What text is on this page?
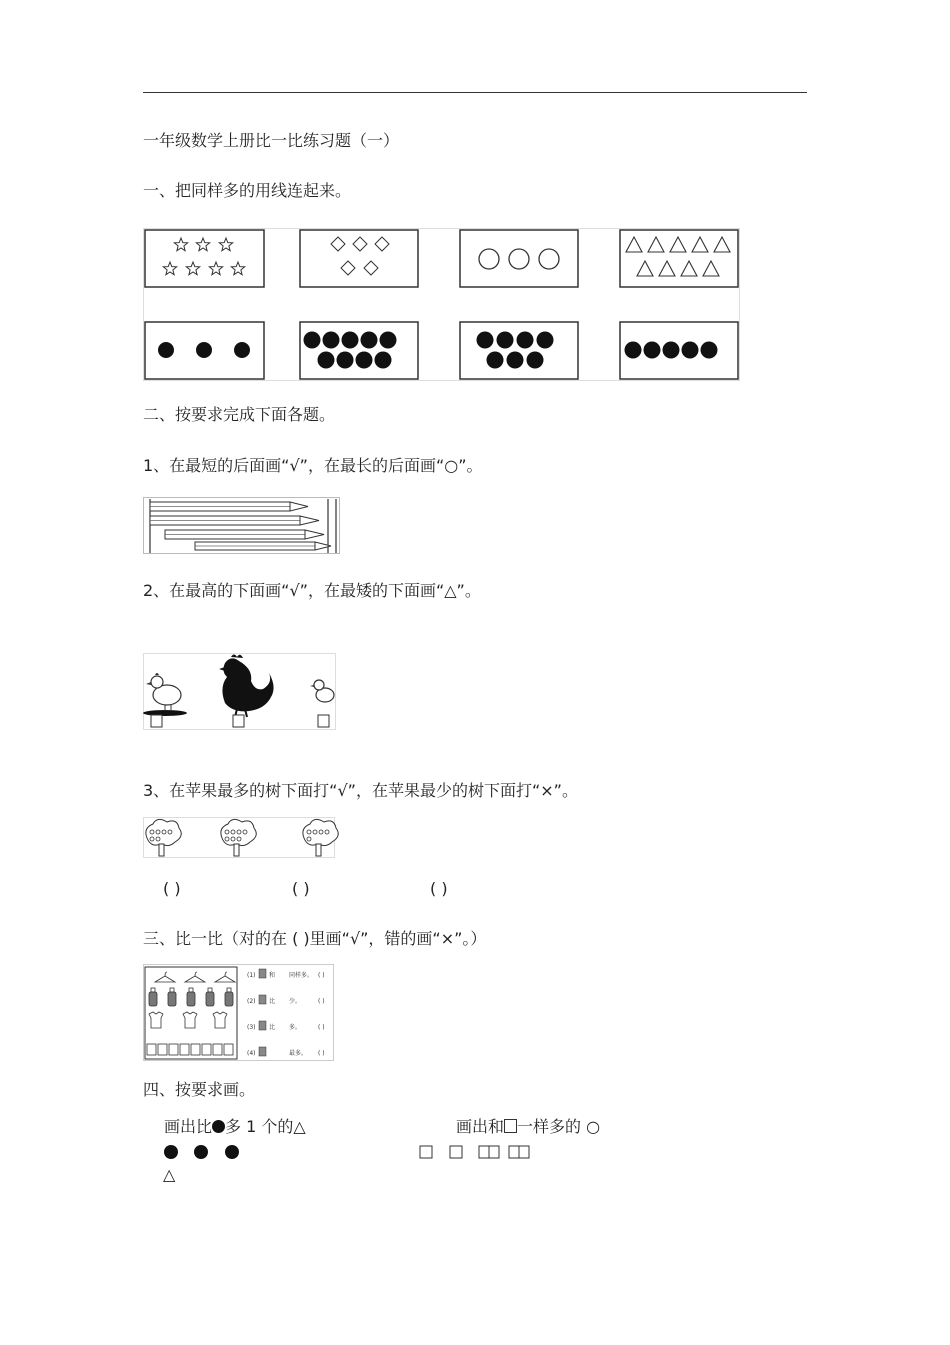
一年级数学上册比一比练习题（一）
一、把同样多的用线连起来。
二、按要求完成下面各题。
1、在最短的后面画“√”，在最长的后面画“○”。
2、在最高的下面画“√”，在最矮的下面画“△”。
3、在苹果最多的树下面打“√”，在苹果最少的树下面打“×”。
( )	( )	( )
三、比一比（对的在 ( )里画“√”，错的画“×”。）
(1) 和 同样多。 ( )
(2) 比 少。	( )
(3) 比 多。	( )
(4)	最多。 ( )
四、按要求画。
画出比 多 1 个的△	画出和 一样多的 ○
△
